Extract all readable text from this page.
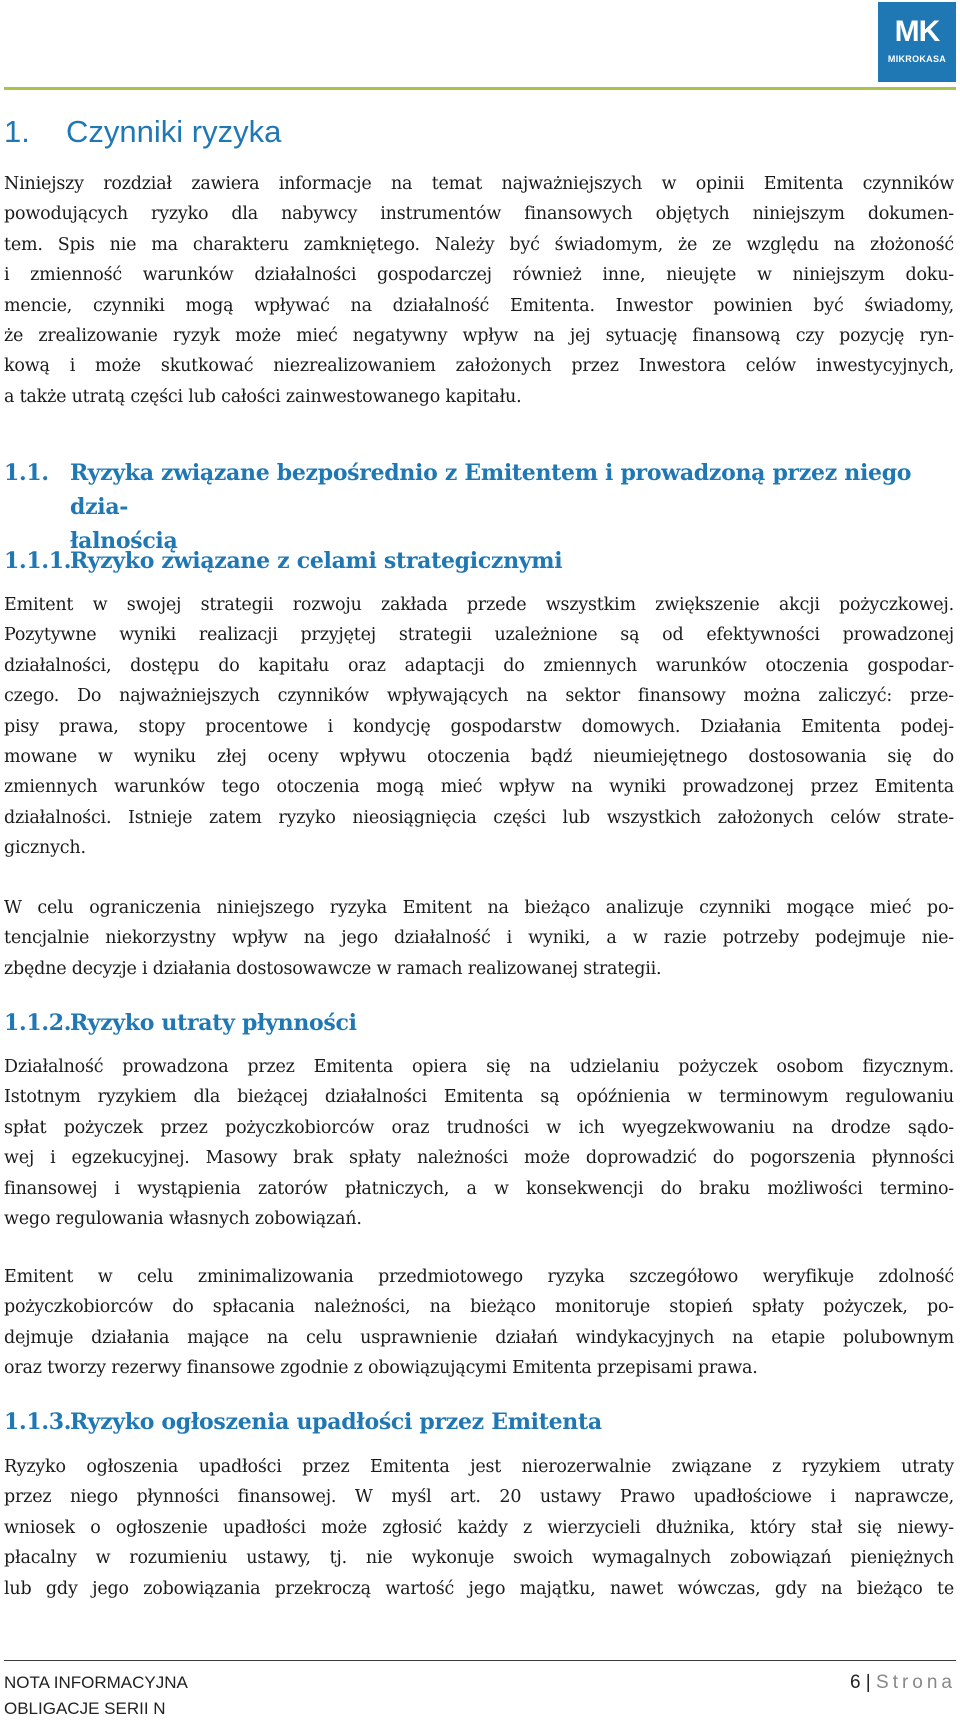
MK
MIKROKASA
1. Czynniki ryzyka
Niniejszy rozdział zawiera informacje na temat najważniejszych w opinii Emitenta czynników
powodujących ryzyko dla nabywcy instrumentów finansowych objętych niniejszym dokumen-
tem. Spis nie ma charakteru zamkniętego. Należy być świadomym, że ze względu na złożoność
i zmienność warunków działalności gospodarczej również inne, nieujęte w niniejszym doku-
mencie, czynniki mogą wpływać na działalność Emitenta. Inwestor powinien być świadomy,
że zrealizowanie ryzyk może mieć negatywny wpływ na jej sytuację finansową czy pozycję ryn-
kową i może skutkować niezrealizowaniem założonych przez Inwestora celów inwestycyjnych,
a także utratą części lub całości zainwestowanego kapitału.
1.1. Ryzyka związane bezpośrednio z Emitentem i prowadzoną przez niego dzia-
łalnością
1.1.1.
Ryzyko związane z celami strategicznymi
Emitent w swojej strategii rozwoju zakłada przede wszystkim zwiększenie akcji pożyczkowej.
Pozytywne wyniki realizacji przyjętej strategii uzależnione są od efektywności prowadzonej
działalności, dostępu do kapitału oraz adaptacji do zmiennych warunków otoczenia gospodar-
czego. Do najważniejszych czynników wpływających na sektor finansowy można zaliczyć: prze-
pisy prawa, stopy procentowe i kondycję gospodarstw domowych. Działania Emitenta podej-
mowane w wyniku złej oceny wpływu otoczenia bądź nieumiejętnego dostosowania się do
zmiennych warunków tego otoczenia mogą mieć wpływ na wyniki prowadzonej przez Emitenta
działalności. Istnieje zatem ryzyko nieosiągnięcia części lub wszystkich założonych celów strate-
gicznych.
W celu ograniczenia niniejszego ryzyka Emitent na bieżąco analizuje czynniki mogące mieć po-
tencjalnie niekorzystny wpływ na jego działalność i wyniki, a w razie potrzeby podejmuje nie-
zbędne decyzje i działania dostosowawcze w ramach realizowanej strategii.
1.1.2.
Ryzyko utraty płynności
Działalność prowadzona przez Emitenta opiera się na udzielaniu pożyczek osobom fizycznym.
Istotnym ryzykiem dla bieżącej działalności Emitenta są opóźnienia w terminowym regulowaniu
spłat pożyczek przez pożyczkobiorców oraz trudności w ich wyegzekwowaniu na drodze sądo-
wej i egzekucyjnej. Masowy brak spłaty należności może doprowadzić do pogorszenia płynności
finansowej i wystąpienia zatorów płatniczych, a w konsekwencji do braku możliwości termino-
wego regulowania własnych zobowiązań.
Emitent w celu zminimalizowania przedmiotowego ryzyka szczegółowo weryfikuje zdolność
pożyczkobiorców do spłacania należności, na bieżąco monitoruje stopień spłaty pożyczek, po-
dejmuje działania mające na celu usprawnienie działań windykacyjnych na etapie polubownym
oraz tworzy rezerwy finansowe zgodnie z obowiązującymi Emitenta przepisami prawa.
1.1.3.
Ryzyko ogłoszenia upadłości przez Emitenta
Ryzyko ogłoszenia upadłości przez Emitenta jest nierozerwalnie związane z ryzykiem utraty
przez niego płynności finansowej. W myśl art. 20 ustawy Prawo upadłościowe i naprawcze,
wniosek o ogłoszenie upadłości może zgłosić każdy z wierzycieli dłużnika, który stał się niewy-
płacalny w rozumieniu ustawy, tj. nie wykonuje swoich wymagalnych zobowiązań pieniężnych
lub gdy jego zobowiązania przekroczą wartość jego majątku, nawet wówczas, gdy na bieżąco te
NOTA INFORMACYJNA
OBLIGACJE SERII N
6 | Strona
